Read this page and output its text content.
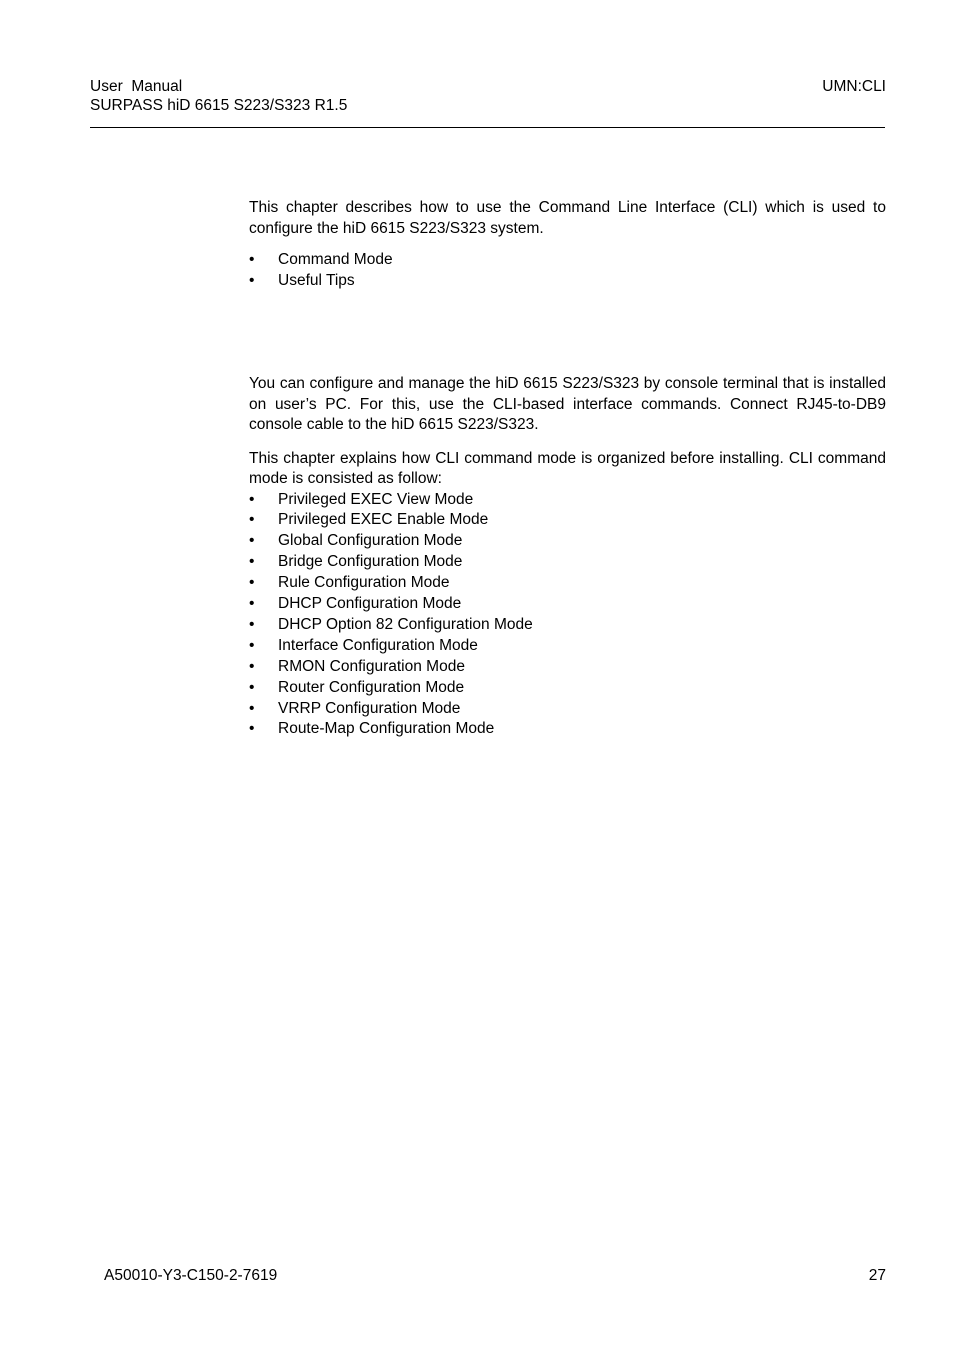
User  Manual
SURPASS hiD 6615 S223/S323 R1.5
UMN:CLI

This chapter describes how to use the Command Line Interface (CLI) which is used to configure the hiD 6615 S223/S323 system.

• Command Mode
• Useful Tips

You can configure and manage the hiD 6615 S223/S323 by console terminal that is installed on user’s PC. For this, use the CLI-based interface commands. Connect RJ45-to-DB9 console cable to the hiD 6615 S223/S323.

This chapter explains how CLI command mode is organized before installing. CLI command mode is consisted as follow:

• Privileged EXEC View Mode
• Privileged EXEC Enable Mode
• Global Configuration Mode
• Bridge Configuration Mode
• Rule Configuration Mode
• DHCP Configuration Mode
• DHCP Option 82 Configuration Mode
• Interface Configuration Mode
• RMON Configuration Mode
• Router Configuration Mode
• VRRP Configuration Mode
• Route-Map Configuration Mode
A50010-Y3-C150-2-7619	27
